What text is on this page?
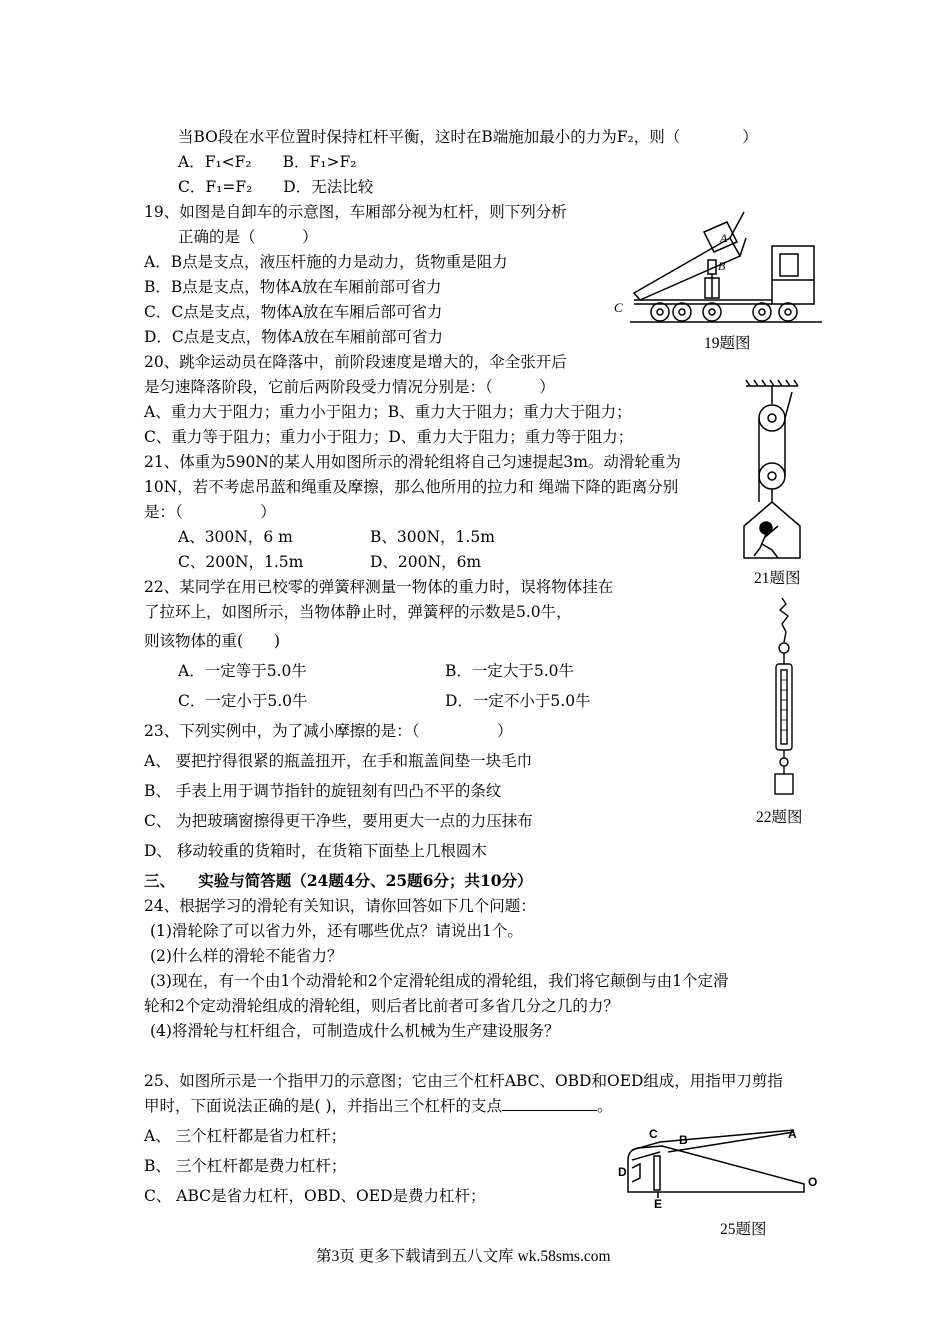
当BO段在水平位置时保持杠杆平衡，这时在B端施加最小的力为F₂，则（　　　　）
A．F₁<F₂　　B．F₁>F₂
C．F₁=F₂　　D．无法比较
19、如图是自卸车的示意图，车厢部分视为杠杆，则下列分析
正确的是（　　　）
A．B点是支点，液压杆施的力是动力，货物重是阻力
B．B点是支点，物体A放在车厢前部可省力
C．C点是支点，物体A放在车厢后部可省力
D．C点是支点，物体A放在车厢前部可省力
20、跳伞运动员在降落中，前阶段速度是增大的，伞全张开后
是匀速降落阶段，它前后两阶段受力情况分别是：（　　　）
A、重力大于阻力；重力小于阻力；B、重力大于阻力；重力大于阻力；
C、重力等于阻力；重力小于阻力；D、重力大于阻力；重力等于阻力；
21、体重为590N的某人用如图所示的滑轮组将自己匀速提起3m。动滑轮重为
10N，若不考虑吊蓝和绳重及摩擦，那么他所用的拉力和 绳端下降的距离分别
是：（　　　　　）
A、300N，6 m	B、300N，1.5m
C、200N，1.5m	D、200N，6m
22、某同学在用已校零的弹簧秤测量一物体的重力时，误将物体挂在
了拉环上，如图所示，当物体静止时，弹簧秤的示数是5.0牛，
则该物体的重(　　)
A．一定等于5.0牛	B．一定大于5.0牛
C．一定小于5.0牛	D．一定不小于5.0牛
23、下列实例中，为了减小摩擦的是：（　　　　　）
A、 要把拧得很紧的瓶盖扭开，在手和瓶盖间垫一块毛巾
B、 手表上用于调节指针的旋钮刻有凹凸不平的条纹
C、 为把玻璃窗擦得更干净些，要用更大一点的力压抹布
D、 移动较重的货箱时，在货箱下面垫上几根圆木
三、　　实验与简答题（24题4分、25题6分；共10分）
24、根据学习的滑轮有关知识，请你回答如下几个问题：
(1)滑轮除了可以省力外，还有哪些优点？请说出1个。
(2)什么样的滑轮不能省力？
(3)现在，有一个由1个动滑轮和2个定滑轮组成的滑轮组，我们将它颠倒与由1个定滑
轮和2个定动滑轮组成的滑轮组，则后者比前者可多省几分之几的力？
(4)将滑轮与杠杆组合，可制造成什么机械为生产建设服务？
25、如图所示是一个指甲刀的示意图；它由三个杠杆ABC、OBD和OED组成，用指甲刀剪指
甲时，下面说法正确的是( )，并指出三个杠杆的支点	。
A、 三个杠杆都是省力杠杆；
B、 三个杠杆都是费力杠杆；
C、 ABC是省力杠杆，OBD、OED是费力杠杆；
A
B
C
19题图
21题图
22题图
C B	A
D
O
E
25题图
第3页 更多下载请到五八文库 wk.58sms.com
